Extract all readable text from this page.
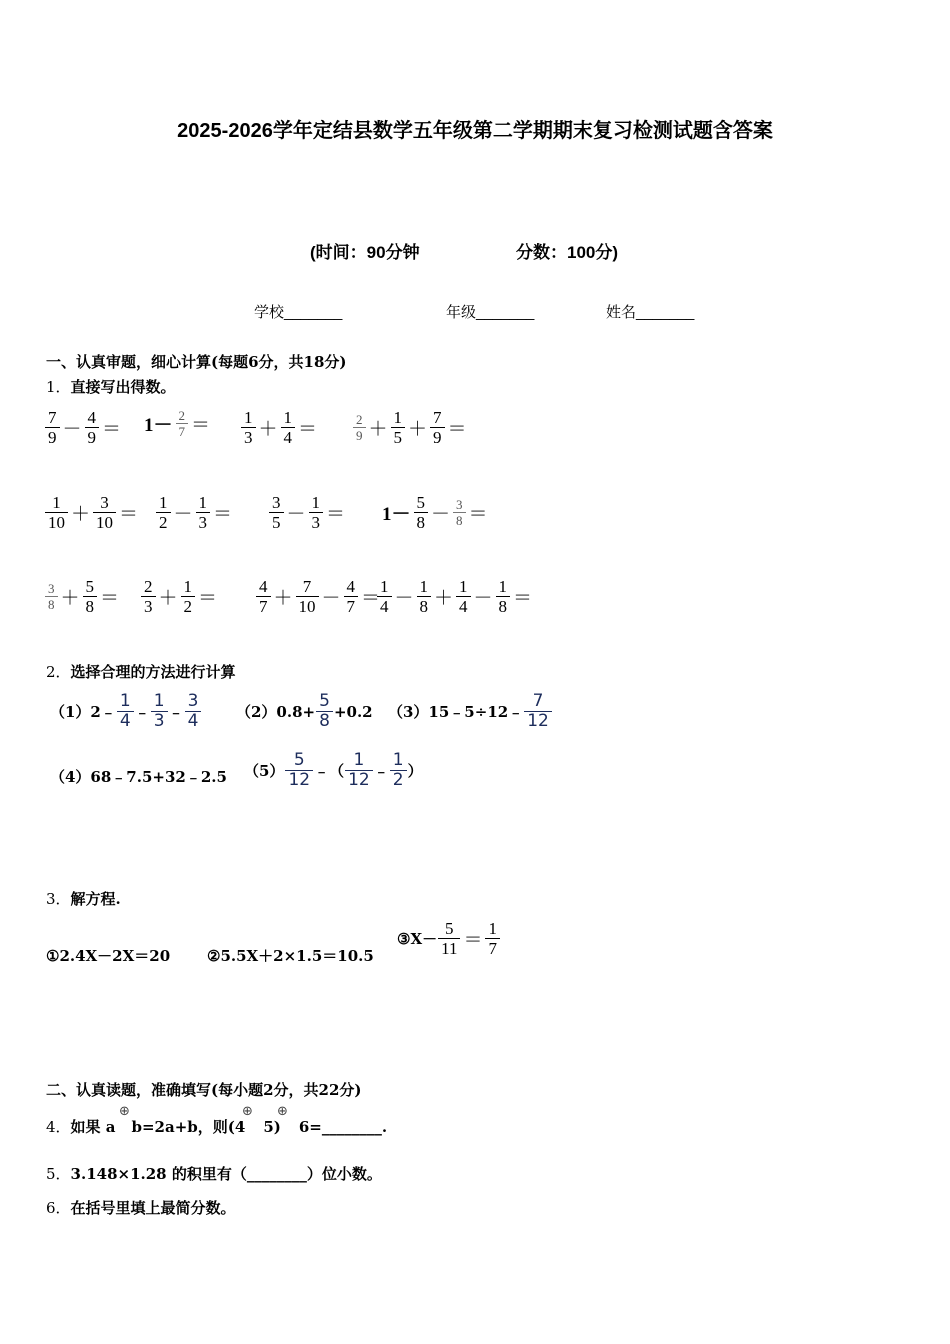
2025-2026学年定结县数学五年级第二学期期末复习检测试题含答案
(时间：90分钟	分数：100分)
学校_______	年级_______	姓名_______
一、认真审题，细心计算(每题6分，共18分)
1．直接写出得数。
$\frac{7}{9} - \frac{4}{9} = 1- \frac{2}{7} = \frac{1}{3} + \frac{1}{4}$ ＝	$\frac{2}{9} + \frac{1}{5} + \frac{7}{9}$ ＝
$\frac{1}{10} + \frac{3}{10} = \frac{1}{2} - \frac{1}{3} = \frac{3}{5} - \frac{1}{3} = 1- \frac{5}{8} - \frac{3}{8}$ ＝
$\frac{3}{8} + \frac{5}{8} = \frac{2}{3} + \frac{1}{2} = \frac{4}{7} + \frac{7}{10} - \frac{4}{7}$ ＝
$\frac{1}{4} - \frac{1}{8} + \frac{1}{4} - \frac{1}{8}$ ＝
2．选择合理的方法进行计算
（1）2﹣ $\frac{1}{4}$ ﹣ $\frac{1}{3}$ ﹣ $\frac{3}{4} (2)0.8+ \frac{5}{8} +0.2$ （3）15﹣5÷12﹣ $\frac{7}{12}$
（4）68﹣7.5+32﹣2.5 $(5) \frac{5}{12}$ ﹣（ $\frac{1}{12}$ ﹣ $\frac{1}{2}$ ）
3．解方程.
①2.4X－2X＝20 ②5.5X＋2×1.5＝10.5
③X－ $\frac{5}{11} = \frac{1}{7}$
二、认真读题，准确填写(每小题2分，共22分)
4．如果 a b=2a+b，则(4 5) 6=________.
⊕	⊕ ⊕
5．3.148×1.28 的积里有（________）位小数。
6．在括号里填上最简分数。
